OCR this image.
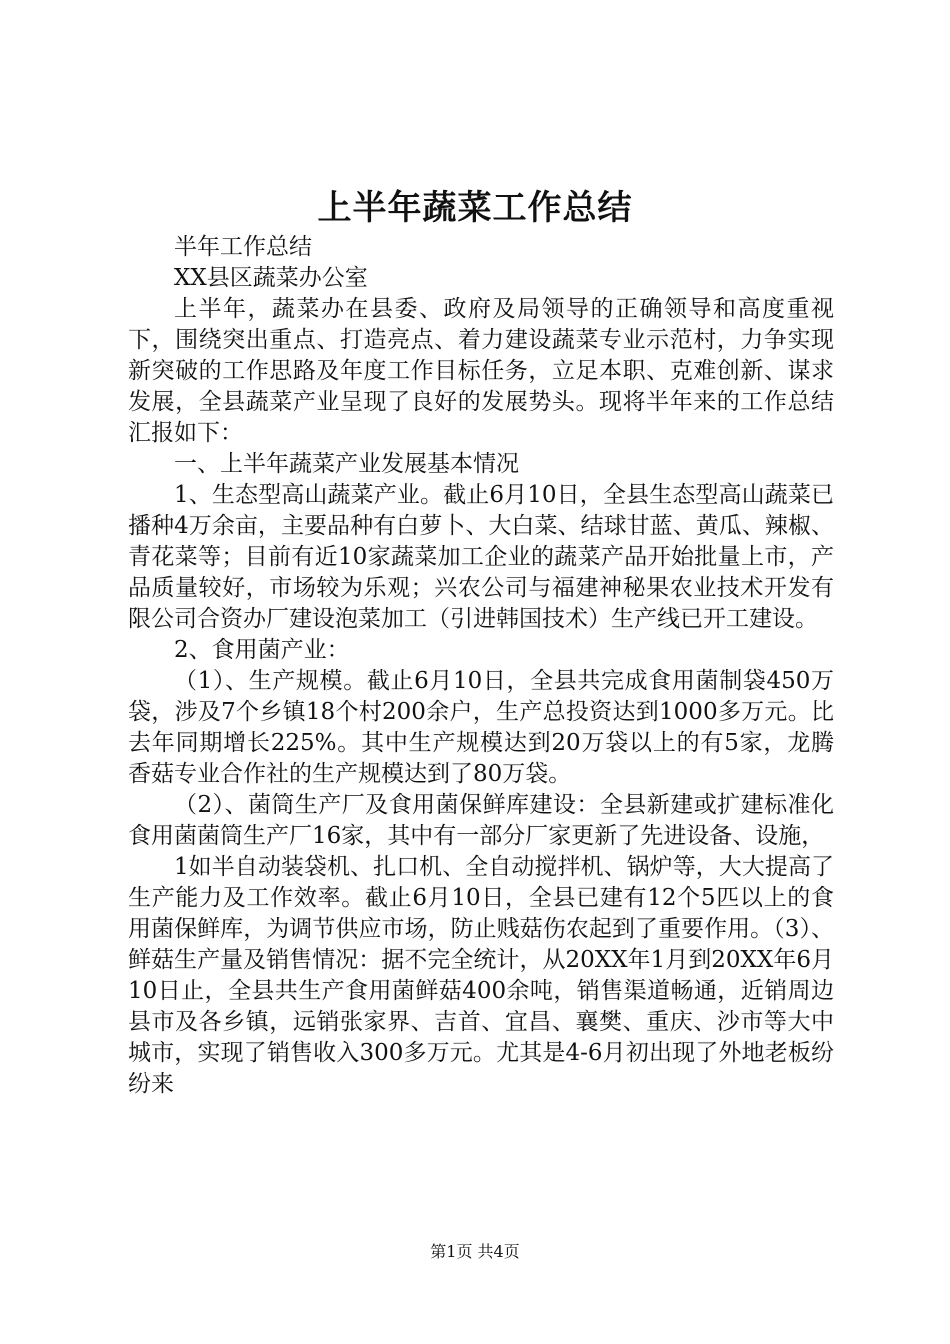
上半年蔬菜工作总结

半年工作总结

XX县区蔬菜办公室

上半年，蔬菜办在县委、政府及局领导的正确领导和高度重视下，围绕突出重点、打造亮点、着力建设蔬菜专业示范村，力争实现新突破的工作思路及年度工作目标任务，立足本职、克难创新、谋求发展，全县蔬菜产业呈现了良好的发展势头。现将半年来的工作总结汇报如下：

一、上半年蔬菜产业发展基本情况

1、生态型高山蔬菜产业。截止6月10日，全县生态型高山蔬菜已播种4万余亩，主要品种有白萝卜、大白菜、结球甘蓝、黄瓜、辣椒、青花菜等；目前有近10家蔬菜加工企业的蔬菜产品开始批量上市，产品质量较好，市场较为乐观；兴农公司与福建神秘果农业技术开发有限公司合资办厂建设泡菜加工（引进韩国技术）生产线已开工建设。

2、食用菌产业：

（1）、生产规模。截止6月10日，全县共完成食用菌制袋450万袋，涉及7个乡镇18个村200余户，生产总投资达到1000多万元。比去年同期增长225%。其中生产规模达到20万袋以上的有5家，龙腾香菇专业合作社的生产规模达到了80万袋。

（2）、菌筒生产厂及食用菌保鲜库建设：全县新建或扩建标准化食用菌菌筒生产厂16家，其中有一部分厂家更新了先进设备、设施，

1如半自动装袋机、扎口机、全自动搅拌机、锅炉等，大大提高了生产能力及工作效率。截止6月10日，全县已建有12个5匹以上的食用菌保鲜库，为调节供应市场，防止贱菇伤农起到了重要作用。（3）、鲜菇生产量及销售情况：据不完全统计，从20XX年1月到20XX年6月10日止，全县共生产食用菌鲜菇400余吨，销售渠道畅通，近销周边县市及各乡镇，远销张家界、吉首、宜昌、襄樊、重庆、沙市等大中城市，实现了销售收入300多万元。尤其是4-6月初出现了外地老板纷纷来

第1页 共4页
